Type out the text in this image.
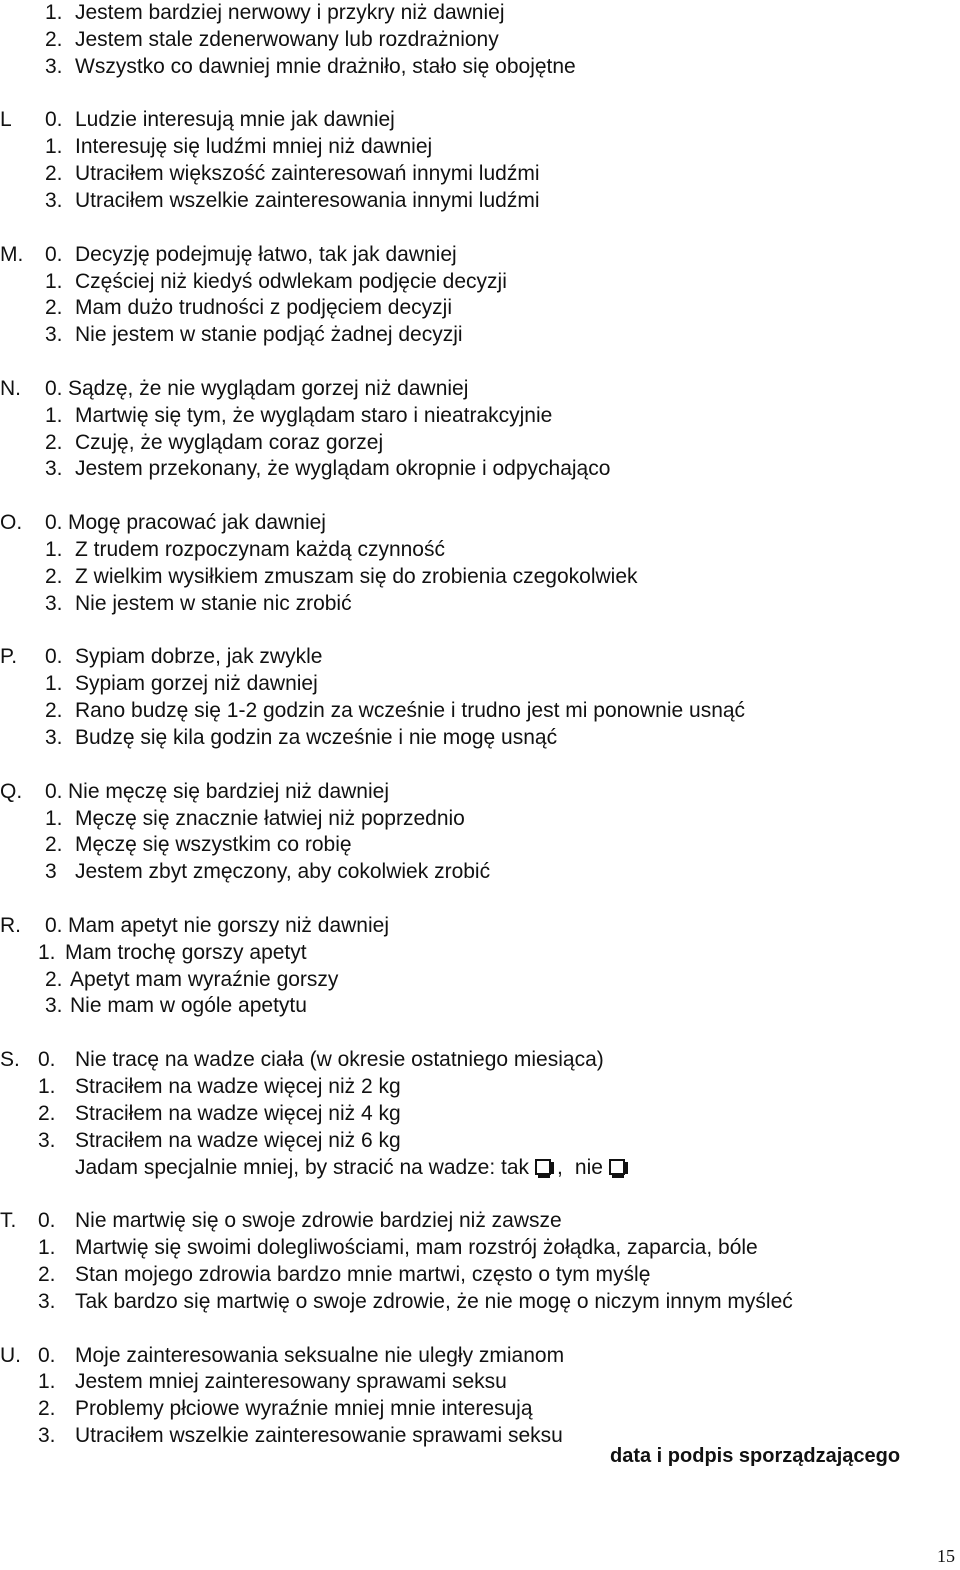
1. Jestem bardziej nerwowy i przykry niż dawniej
2. Jestem stale zdenerwowany lub rozdrażniony
3. Wszystko co dawniej mnie drażniło, stało się obojętne
L 0. Ludzie interesują mnie jak dawniej
1. Interesuję się ludźmi mniej niż dawniej
2. Utraciłem większość zainteresowań innymi ludźmi
3. Utraciłem wszelkie zainteresowania innymi ludźmi
M. 0. Decyzję podejmuję łatwo, tak jak dawniej
1. Częściej niż kiedyś odwlekam podjęcie decyzji
2. Mam dużo trudności z podjęciem decyzji
3. Nie jestem w stanie podjąć żadnej decyzji
N. 0. Sądzę, że nie wyglądam gorzej niż dawniej
1. Martwię się tym, że wyglądam staro i nieatrakcyjnie
2. Czuję, że wyglądam coraz gorzej
3. Jestem przekonany, że wyglądam okropnie i odpychająco
O. 0. Mogę pracować jak dawniej
1. Z trudem rozpoczynam każdą czynność
2. Z wielkim wysiłkiem zmuszam się do zrobienia czegokolwiek
3. Nie jestem w stanie nic zrobić
P. 0. Sypiam dobrze, jak zwykle
1. Sypiam gorzej niż dawniej
2. Rano budzę się 1-2 godzin za wcześnie i trudno jest mi ponownie usnąć
3. Budzę się kila godzin za wcześnie i nie mogę usnąć
Q. 0. Nie męczę się bardziej niż dawniej
1. Męczę się znacznie łatwiej niż poprzednio
2. Męczę się wszystkim co robię
3 Jestem zbyt zmęczony, aby cokolwiek zrobić
R. 0. Mam apetyt nie gorszy niż dawniej
1. Mam trochę gorszy apetyt
2. Apetyt mam wyraźnie gorszy
3. Nie mam w ogóle apetytu
S. 0. Nie tracę na wadze ciała (w okresie ostatniego miesiąca)
1. Straciłem na wadze więcej niż 2 kg
2. Straciłem na wadze więcej niż 4 kg
3. Straciłem na wadze więcej niż 6 kg
Jadam specjalnie mniej, by stracić na wadze: tak , nie
T. 0. Nie martwię się o swoje zdrowie bardziej niż zawsze
1. Martwię się swoimi dolegliwościami, mam rozstrój żołądka, zaparcia, bóle
2. Stan mojego zdrowia bardzo mnie martwi, często o tym myślę
3. Tak bardzo się martwię o swoje zdrowie, że nie mogę o niczym innym myśleć
U. 0. Moje zainteresowania seksualne nie uległy zmianom
1. Jestem mniej zainteresowany sprawami seksu
2. Problemy płciowe wyraźnie mniej mnie interesują
3. Utraciłem wszelkie zainteresowanie sprawami seksu
data i podpis sporządzającego
15
